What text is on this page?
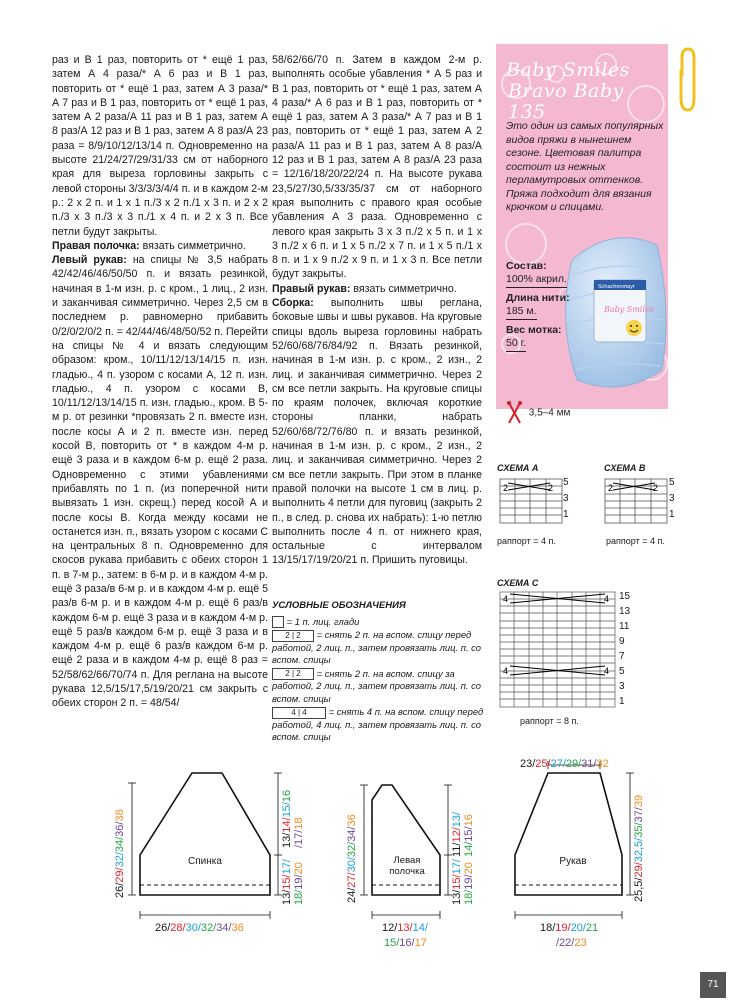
раз и В 1 раз, повторить от * ещё 1 раз, затем А 4 раза/* А 6 раз и В 1 раз, повторить от * ещё 1 раз, затем А 3 раза/* А 7 раз и В 1 раз, повторить от * ещё 1 раз, затем А 2 раза/А 11 раз и В 1 раз, затем А 8 раз/А 12 раз и В 1 раз, затем А 8 раз/А 23 раза = 8/9/10/12/13/14 п. Одновременно на высоте 21/24/27/29/31/33 см от наборного края для выреза горловины закрыть с левой стороны 3/3/3/3/4/4 п. и в каждом 2-м р.: 2 х 2 п. и 1 х 1 п./3 х 2 п./1 х 3 п. и 2 х 2 п./3 х 3 п./3 х 3 п./1 х 4 п. и 2 х 3 п. Все петли будут закрыты.

Правая полочка: вязать симметрично.

Левый рукав: на спицы № 3,5 набрать 42/42/46/46/50/50 п. и вязать резинкой, начиная в 1-м изн. р. с кром., 1 лиц., 2 изн. и заканчивая симметрично. Через 2,5 см в последнем р. равномерно прибавить 0/2/0/2/0/2 п. = 42/44/46/48/50/52 п. Перейти на спицы № 4 и вязать следующим образом: кром., 10/11/12/13/14/15 п. изн. гладью., 4 п. узором с косами А, 12 п. изн. гладью., 4 п. узором с косами В, 10/11/12/13/14/15 п. изн. гладью., кром. В 5-м р. от резинки *провязать 2 п. вместе изн. после косы А и 2 п. вместе изн. перед косой В, повторить от * в каждом 4-м р. ещё 3 раза и в каждом 6-м р. ещё 2 раза. Одновременно с этими убавлениями прибавлять по 1 п. (из поперечной нити вывязать 1 изн. скрещ.) перед косой А и после косы В. Когда между косами не останется изн. п., вязать узором с косами С на центральных 8 п. Одновременно для скосов рукава прибавить с обеих сторон 1 п. в 7-м р., затем: в 6-м р. и в каждом 4-м р. ещё 3 раза/в 6-м р. и в каждом 4-м р. ещё 5 раз/в 6-м р. и в каждом 4-м р. ещё 6 раз/в каждом 6-м р. ещё 3 раза и в каждом 4-м р. ещё 5 раз/в каждом 6-м р. ещё 3 раза и в каждом 4-м р. ещё 6 раз/в каждом 6-м р. ещё 2 раза и в каждом 4-м р. ещё 8 раз = 52/58/62/66/70/74 п. Для реглана на высоте рукава 12,5/15/17,5/19/20/21 см закрыть с обеих сторон 2 п. = 48/54/

58/62/66/70 п. Затем в каждом 2-м р. выполнять особые убавления * А 5 раз и В 1 раз, повторить от * ещё 1 раз, затем А 4 раза/* А 6 раз и В 1 раз, повторить от * ещё 1 раз, затем А 3 раза/* А 7 раз и В 1 раз, повторить от * ещё 1 раз, затем А 2 раза/А 11 раз и В 1 раз, затем А 8 раз/А 12 раз и В 1 раз, затем А 8 раз/А 23 раза = 12/16/18/20/22/24 п. На высоте рукава 23,5/27/30,5/33/35/37 см от наборного края выполнить с правого края особые убавления А 3 раза. Одновременно с левого края закрыть 3 х 3 п./2 х 5 п. и 1 х 3 п./2 х 6 п. и 1 х 5 п./2 х 7 п. и 1 х 5 п./1 х 8 п. и 1 х 9 п./2 х 9 п. и 1 х 3 п. Все петли будут закрыты.

Правый рукав: вязать симметрично.

Сборка: выполнить швы реглана, боковые швы и швы рукавов. На круговые спицы вдоль выреза горловины набрать 52/60/68/76/84/92 п. Вязать резинкой, начиная в 1-м изн. р. с кром., 2 изн., 2 лиц. и заканчивая симметрично. Через 2 см все петли закрыть. На круговые спицы по краям полочек, включая короткие стороны планки, набрать 52/60/68/72/76/80 п. и вязать резинкой, начиная в 1-м изн. р. с кром., 2 изн., 2 лиц. и заканчивая симметрично. Через 2 см все петли закрыть. При этом в планке правой полочки на высоте 1 см в лиц. р. выполнить 4 петли для пуговиц (закрыть 2 п., в след. р. снова их набрать): 1-ю петлю выполнить после 4 п. от нижнего края, остальные с интервалом 13/15/17/19/20/21 п. Пришить пуговицы.

Baby Smiles
Bravo Baby 135
Это один из самых популярных видов пряжи в нынешнем сезоне. Цветовая палитра состоит из нежных перламутровых оттенков. Пряжа подходит для вязания крючком и спицами.
Schachenmayr
Baby Smiles
Состав:
100% акрил.
Длина нити:
185 м.
Вес мотка:
50 г.
3,5–4 мм
СХЕМА А
2	2 5
3
1
раппорт = 4 п.
СХЕМА В
2	2 5
3
1
раппорт = 4 п.
СХЕМА С
4	4
4	4
15
13
11
9
7
5
3
1
раппорт = 8 п.
УСЛОВНЫЕ ОБОЗНАЧЕНИЯ
= 1 п. лиц. глади
2 | 2 = снять 2 п. на вспом. спицу перед работой, 2 лиц. п., затем провязать лиц. п. со вспом. спицы
2 | 2 = снять 2 п. на вспом. спицу за работой, 2 лиц. п., затем провязать лиц. п. со вспом. спицы
4 | 4 = снять 4 п. на вспом. спицу перед работой, 4 лиц. п., затем провязать лиц. п. со вспом. спицы
Спинка	Левая полочка
Рукав
26/29/32/34/36/38
13/14/15/16
/17/18
13/15/17/
18/19/20
26/28/30/32/34/36
24/27/30/32/34/36
11/12/13/
14/15/16
13/15/17/
18/19/20
12/13/14/
15/16/17
23/25/27/29/31/32
25,5/29/32,5/35/37/39
18/19/20/21
/22/23
71
